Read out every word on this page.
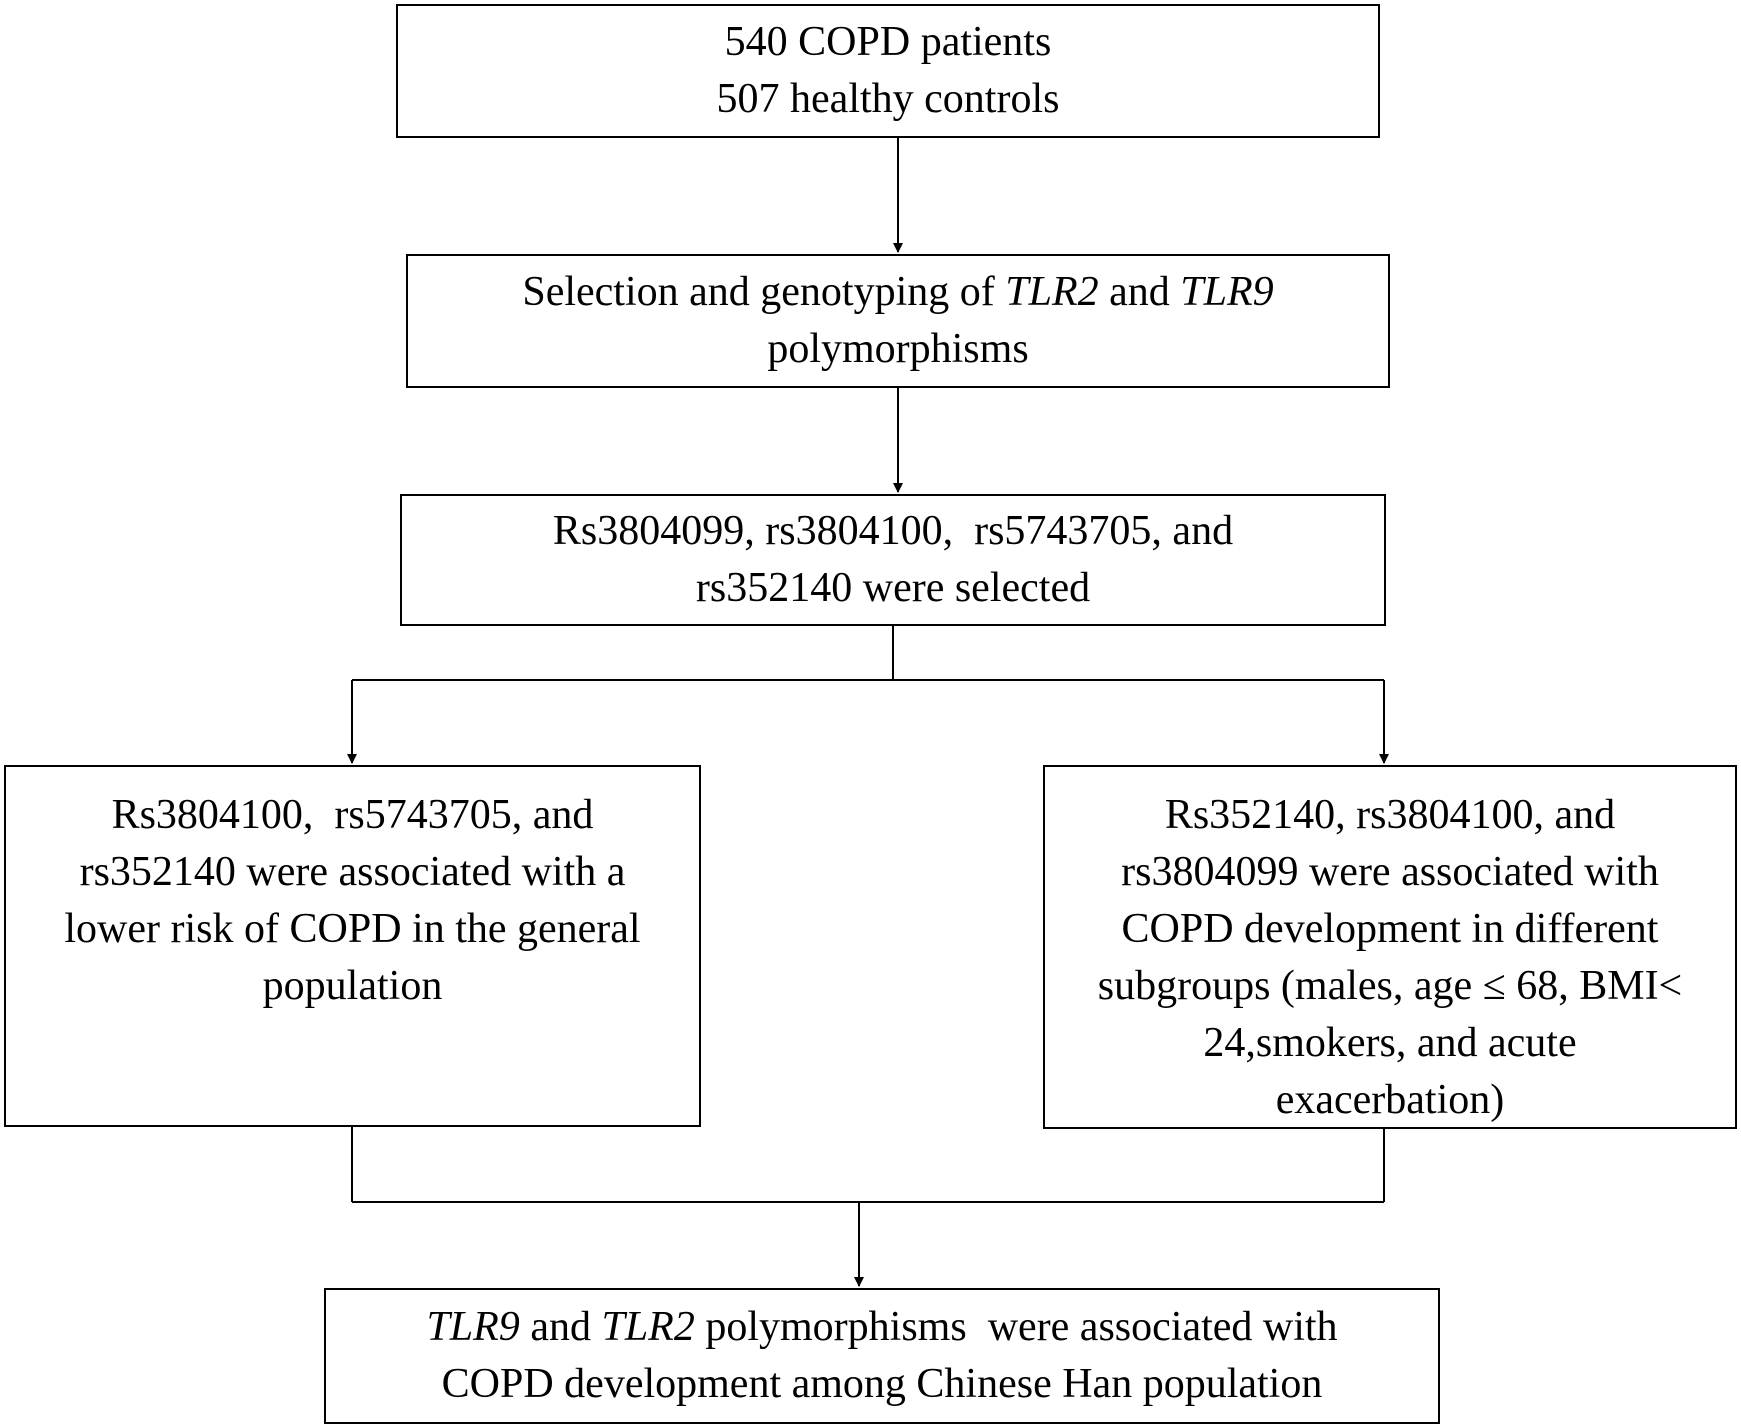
540 COPD patients
507 healthy controls
Selection and genotyping of TLR2 and TLR9
polymorphisms
Rs3804099, rs3804100,  rs5743705, and
rs352140 were selected
Rs3804100,  rs5743705, and
rs352140 were associated with a
lower risk of COPD in the general
population
Rs352140, rs3804100, and
rs3804099 were associated with
COPD development in different
subgroups (males, age ≤ 68, BMI<
24,smokers, and acute
exacerbation)
TLR9 and TLR2 polymorphisms  were associated with
COPD development among Chinese Han population
